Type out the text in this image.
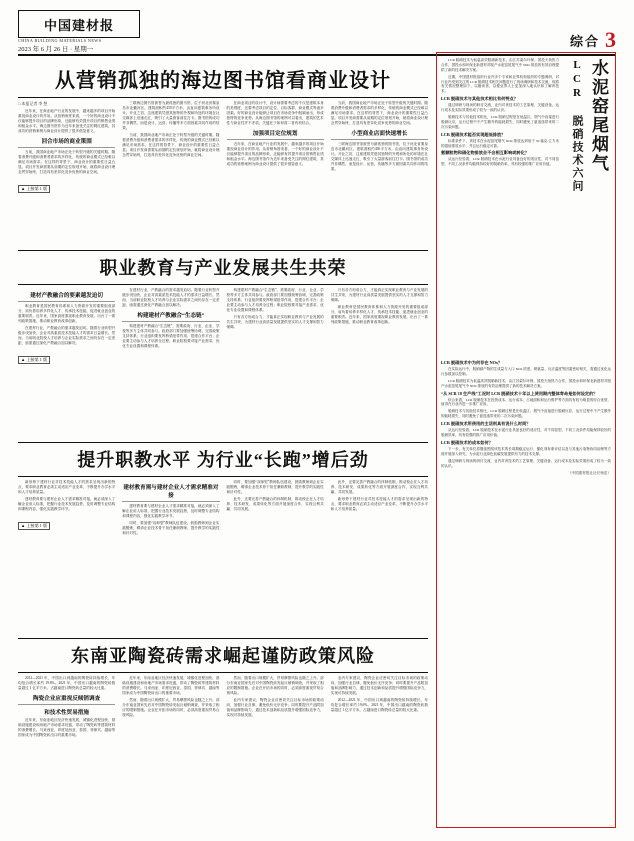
中国建材报
CHINA BUILDING MATERIALS NEWS
2023 年 6 月 26 日 · 星期一
综合 3
从营销孤独的海边图书馆看商业设计
□ 本报记者 李 想

近年来，在商业地产行业的发展中，越来越多的项目开始重视商业设计的作用。从营销角度来看，一个好的商业设计不仅能够提升项目的品牌形象，还能够有效提升项目的销售业绩和租金水平。海边图书馆作为近年来备受关注的网红建筑，其成功的营销案例为商业设计提供了很多借鉴意义。

回合市场的商业策围

当前，我国商业地产市场正处于转型升级的关键时期。随着消费升级和消费者需求的多样化，传统的商业模式已经难以满足市场需求。在这样的背景下，商业设计的重要性日益凸显。项目开发商需要从前期的定位规划开始，就将商业设计理念贯穿始终，打造具有差异化竞争优势的商业空间。

▲ 上接第 1 版

三联海边图书馆被誉为最孤独的图书馆，位于河北省秦皇岛市北戴河区。建筑面积约450平方米，由直向建筑事务所设计。开业之初，这座建筑凭借其独特的外观和所处的环境在社交媒体上迅速走红，吸引了大量游客前往打卡。图书馆的成功并非偶然，而是设计、运营、传播等多方面因素共同作用的结果。

当前，我国商业地产市场正处于转型升级的关键时期。随着消费升级和消费者需求的多样化，传统的商业模式已经难以满足市场需求。在这样的背景下，商业设计的重要性日益凸显。项目开发商需要从前期的定位规划开始，就将商业设计理念贯穿始终，打造具有差异化竞争优势的商业空间。

在商业项目的设计中，设计师需要考虑的不仅是建筑本身的美观度，还要考虑项目的定位、目标客群、商业模式等诸多因素。好的商业设计能够让项目在市场竞争中脱颖而出，形成独特的竞争优势。从海边图书馆的案例可以看出，建筑的艺术性与商业性并不矛盾，关键在于如何将二者有机结合。

加强项目定位规划

近年来，在商业地产行业的发展中，越来越多的项目开始重视商业设计的作用。从营销角度来看，一个好的商业设计不仅能够提升项目的品牌形象，还能够有效提升项目的销售业绩和租金水平。海边图书馆作为近年来备受关注的网红建筑，其成功的营销案例为商业设计提供了很多借鉴意义。

当前，我国商业地产市场正处于转型升级的关键时期。随着消费升级和消费者需求的多样化，传统的商业模式已经难以满足市场需求。在这样的背景下，商业设计的重要性日益凸显。项目开发商需要从前期的定位规划开始，就将商业设计理念贯穿始终，打造具有差异化竞争优势的商业空间。

小型商业店面快速增长

三联海边图书馆被誉为最孤独的图书馆，位于河北省秦皇岛市北戴河区。建筑面积约450平方米，由直向建筑事务所设计。开业之初，这座建筑凭借其独特的外观和所处的环境在社交媒体上迅速走红，吸引了大量游客前往打卡。图书馆的成功并非偶然，而是设计、运营、传播等多方面因素共同作用的结果。

职业教育与产业发展共生共荣
建材产教融合的要素越发迫切

职业教育是国民教育体系和人力资源开发的重要组成部分，肩负着培养多样化人才、传承技术技能、促进就业创业的重要职责。近年来，国家高度重视职业教育发展，出台了一系列政策措施，推动职业教育改革创新。

在建材行业，产教融合的需求越发迫切。随着行业转型升级步伐加快，企业对高素质技术技能人才的需求日益增长。然而，当前职业院校人才培养与企业实际需求之间仍存在一定差距，亟需通过深化产教融合加以解决。

▲ 上接第 1 版

在建材行业，产教融合的需求越发迫切。随着行业转型升级步伐加快，企业对高素质技术技能人才的需求日益增长。然而，当前职业院校人才培养与企业实际需求之间仍存在一定差距，亟需通过深化产教融合加以解决。

构建建材产教融合“生态链”

构建建材产教融合“生态链”，需要政府、行业、企业、学校等多方主体共同参与。政府部门要加强统筹协调，完善政策支持体系；行业组织要发挥桥梁纽带作用，搭建合作平台；企业要主动参与人才培养全过程；职业院校要对接产业需求，优化专业设置和课程体系。

构建建材产教融合“生态链”，需要政府、行业、企业、学校等多方主体共同参与。政府部门要加强统筹协调，完善政策支持体系；行业组织要发挥桥梁纽带作用，搭建合作平台；企业要主动参与人才培养全过程；职业院校要对接产业需求，优化专业设置和课程体系。

只有各方形成合力，才能真正实现职业教育与产业发展的共生共荣，为建材行业高质量发展提供坚实的人才支撑和智力保障。

只有各方形成合力，才能真正实现职业教育与产业发展的共生共荣，为建材行业高质量发展提供坚实的人才支撑和智力保障。

职业教育是国民教育体系和人力资源开发的重要组成部分，肩负着培养多样化人才、传承技术技能、促进就业创业的重要职责。近年来，国家高度重视职业教育发展，出台了一系列政策措施，推动职业教育改革创新。

提升职教水平 为行业“长跑”增后劲

新形势下建材行业对技术技能人才的需求呈现出新的特点，要求职业教育必须主动适应产业变革，不断提升办学水平和人才培养质量。

建材教育要与建材企业人才需求精准对接，就必须深入了解企业用人标准，把握行业技术发展趋势，及时调整专业结构和课程内容，强化实践教学环节。

▲ 上接第 1 版
建材教育需与建材企业人才需求精准对接

建材教育要与建材企业人才需求精准对接，就必须深入了解企业用人标准，把握行业技术发展趋势，及时调整专业结构和课程内容，强化实践教学环节。

同时，要加强“双师型”教师队伍建设，鼓励教师到企业实践锻炼，聘请企业技术骨干担任兼职教师，提升教学的实践性和针对性。

同时，要加强“双师型”教师队伍建设，鼓励教师到企业实践锻炼，聘请企业技术骨干担任兼职教师，提升教学的实践性和针对性。

此外，还要完善产教融合的体制机制，推动校企在人才培养、技术研发、成果转化等方面开展深度合作，实现互利共赢、共同发展。

此外，还要完善产教融合的体制机制，推动校企在人才培养、技术研发、成果转化等方面开展深度合作，实现互利共赢、共同发展。

新形势下建材行业对技术技能人才的需求呈现出新的特点，要求职业教育必须主动适应产业变革，不断提升办学水平和人才培养质量。

东南亚陶瓷砖需求崛起谨防政策风险

2012—2021 年，中国出口到越南的陶瓷砖持续增长，年均复合增长率约 19.6%。2021 年，中国出口越南的陶瓷砖数量超过 1 亿平方米，占越南进口陶瓷砖总量的较大比重。

陶瓷企业应重视反倾销调查
和技术性贸易措施

近年来，东南亚地区经济快速发展，城镇化进程加快，基础设施建设和房地产市场需求旺盛，带动了陶瓷砖等建筑材料的消费增长。马来西亚、印度尼西亚、泰国、菲律宾、越南等国家成为中国陶瓷砖出口的重要市场。

近年来，东南亚地区经济快速发展，城镇化进程加快，基础设施建设和房地产市场需求旺盛，带动了陶瓷砖等建筑材料的消费增长。马来西亚、印度尼西亚、泰国、菲律宾、越南等国家成为中国陶瓷砖出口的重要市场。

然而，随着出口规模扩大，贸易摩擦风险也随之上升。部分东南亚国家先后对中国陶瓷砖发起反倾销调查，并采取了相应的限制措施。企业在开拓市场的同时，必须高度重视贸易合规风险。

然而，随着出口规模扩大，贸易摩擦风险也随之上升。部分东南亚国家先后对中国陶瓷砖发起反倾销调查，并采取了相应的限制措施。企业在开拓市场的同时，必须高度重视贸易合规风险。

业内专家建议，陶瓷企业应密切关注目标市场的政策动向，加强行业自律，避免低价无序竞争；同时要提升产品附加值和品牌影响力，通过技术创新和品质提升增强国际竞争力，实现可持续发展。

业内专家建议，陶瓷企业应密切关注目标市场的政策动向，加强行业自律，避免低价无序竞争；同时要提升产品附加值和品牌影响力，通过技术创新和品质提升增强国际竞争力，实现可持续发展。

2012—2021 年，中国出口到越南的陶瓷砖持续增长，年均复合增长率约 19.6%。2021 年，中国出口越南的陶瓷砖数量超过 1 亿平方米，占越南进口陶瓷砖总量的较大比重。

水泥窑尾烟气
LCR 脱硝技术六问

LCR 脱硝技术为低温高效脱硝新技术，由江苏索尔环保、国投天扬热力合作，国投水和环保北新建材对脱产水泥窑尾尾气中 NOx 排放的有效治理提供了新的技术解决方案。

近期，中国建材报组织行业内多个专家和业界机构组织的专题调研，对行业内受到关注的 LCR 脱硝技术相关问题进行了现场调研和技术交流，现将有关情况整理如下，以飨读者，以便业界人士更加深入地认识和了解该技术。

LCR 脱硝技术与其他技术相比有何特点？

通过调研与现场的研讨交流，业内对该技术的工艺原理、关键设备、运行成本及实际效果形成了较为一致的认识。

脱硝技术与其他技术相比，LCR 脱硝过程是在低温区、烟气中直接进行脱硝反应，运行过程中不产生额外的能耗损失，同时避免了氨逃逸带来的二次污染问题。

LCR 脱硝技术能否实现超低排放？

标准条件下，该技术在水泥窑尾烟气 NOx 排放达到低于 50 毫克/立方米的超低排放水平，并且运行稳定可靠。

氨颗粒物和硝化物排放会不会相互影响或转化？

从运行经验看，LCR 脱硝技术在水泥行业具备良好的适应性，对不同窑型、不同工况条件均能保持较好的脱硝效率，具有较强的推广应用价值。

LCR 脱硝技术中为何存在 NOx？

在实际运行中，脱硝副产物的生成量与入口 NOx 浓度、喷氨量、反应温度等因素密切相关，需通过优化运行参数加以控制。

LCR 脱硝技术为低温高效脱硝新技术，由江苏索尔环保、国投天扬热力合作，国投水和环保北新建材对脱产水泥窑尾尾气中 NOx 排放的有效治理提供了新的技术解决方案。

“从 SCR 18 生产线”工况时 LCR 脱硝技术十年以上使用期内整体寿命是如何设定的？

综合来看，LCR 脱硝技术在投资成本、运行成本、占地面积和运行维护等方面具有较为明显的综合优势，值得在行业内进一步推广应用。

脱硝技术与其他技术相比，LCR 脱硝过程是在低温区、烟气中直接进行脱硝反应，运行过程中不产生额外的能耗损失，同时避免了氨逃逸带来的二次污染问题。

LCR 脱硝技术所使用的主话剂具有说什么时间？

从运行经验看，LCR 脱硝技术在水泥行业具备良好的适应性，对不同窑型、不同工况条件均能保持较好的脱硝效率，具有较强的推广应用价值。

LCR 脱硝技术的成本如何？

下一步，有关单位将继续围绕该技术的长周期稳定运行、催化剂寿命评估以及与其他污染物协同治理等方面开展深入研究，为水泥行业绿色低碳发展提供有力的技术支撑。

通过调研与现场的研讨交流，业内对该技术的工艺原理、关键设备、运行成本及实际效果形成了较为一致的认识。

（中国建材报社社长杨忠）
